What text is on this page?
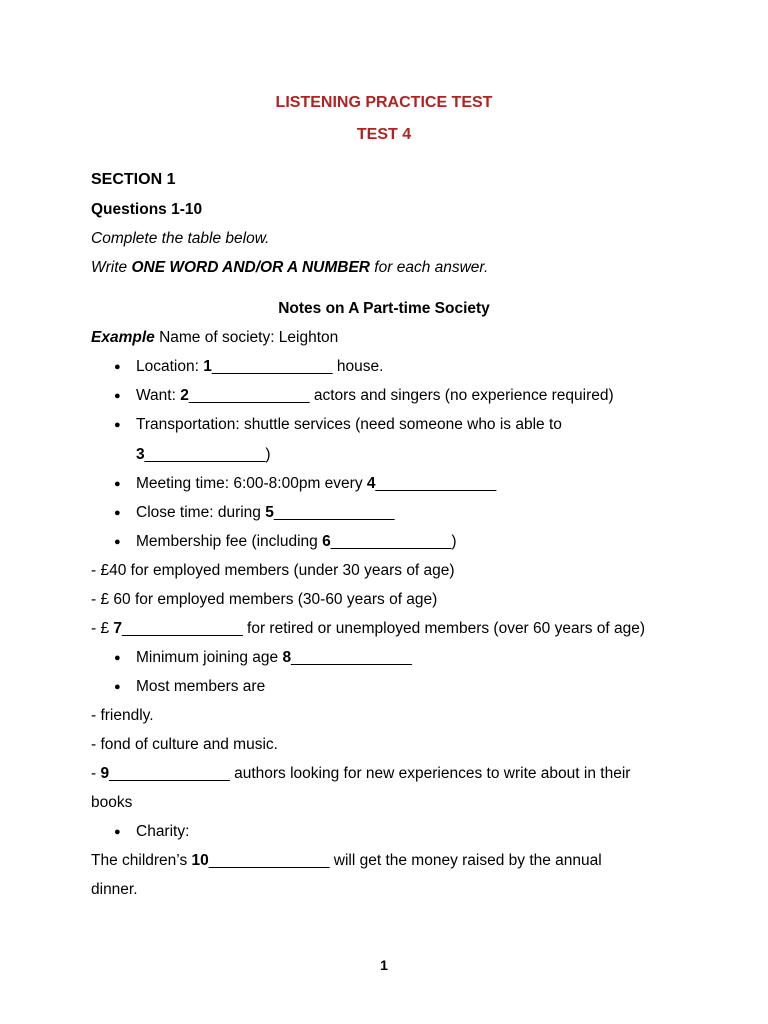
LISTENING PRACTICE TEST
TEST 4
SECTION 1
Questions 1-10
Complete the table below.
Write ONE WORD AND/OR A NUMBER for each answer.
Notes on A Part-time Society
Example Name of society: Leighton
● Location: 1______________ house.
● Want: 2______________ actors and singers (no experience required)
● Transportation: shuttle services (need someone who is able to
3______________)
● Meeting time: 6:00-8:00pm every 4______________
● Close time: during 5______________
● Membership fee (including 6______________)
- £40 for employed members (under 30 years of age)
- £ 60 for employed members (30-60 years of age)
- £ 7______________ for retired or unemployed members (over 60 years of age)
● Minimum joining age 8______________
● Most members are
- friendly.
- fond of culture and music.
- 9______________ authors looking for new experiences to write about in their
books
● Charity:
The children’s 10______________ will get the money raised by the annual
dinner.
1
